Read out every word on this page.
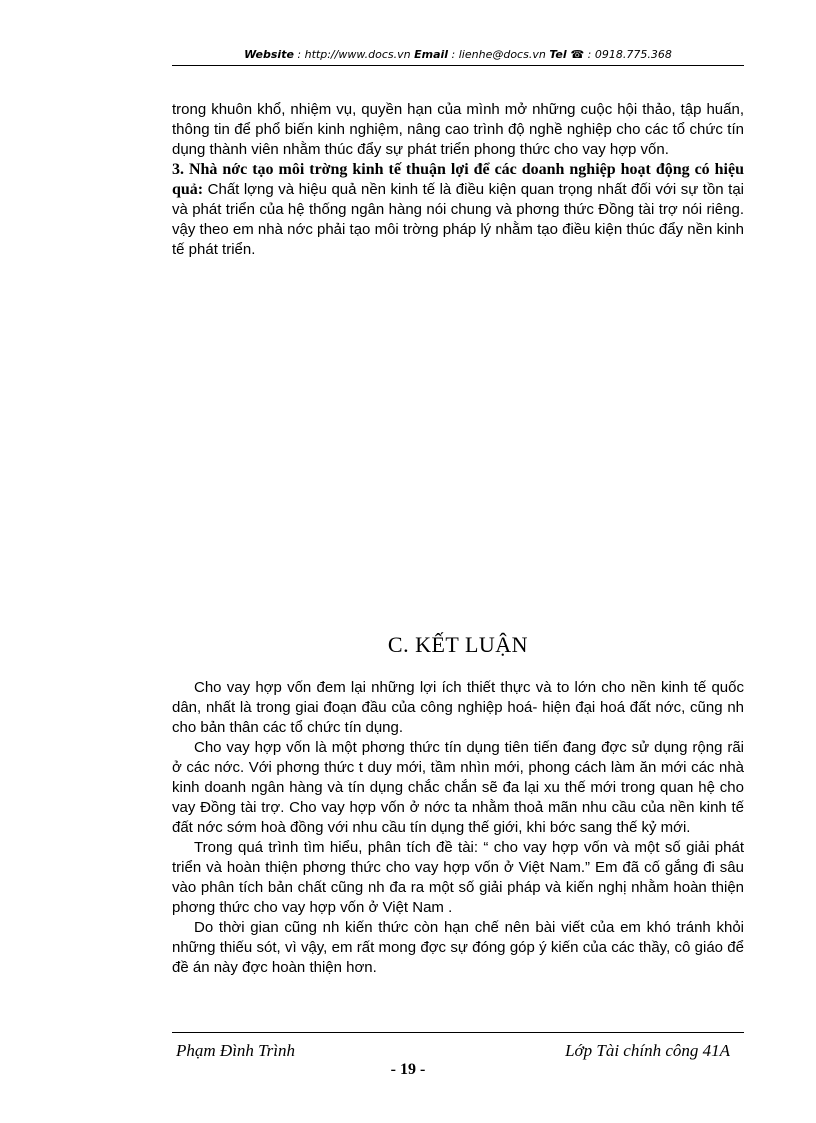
Website : http://www.docs.vn Email : lienhe@docs.vn Tel ☎ : 0918.775.368

trong khuôn khổ, nhiệm vụ, quyền hạn của mình mở những cuộc hội thảo, tập huấn, thông tin để phổ biến kinh nghiệm, nâng cao trình độ nghề nghiệp cho các tổ chức tín dụng thành viên nhằm thúc đẩy sự phát triển phong thức cho vay hợp vốn.

3. Nhà nớc tạo môi trờng kinh tế thuận lợi để các doanh nghiệp hoạt động có hiệu quả: Chất lợng và hiệu quả nền kinh tế là điều kiện quan trọng nhất đối với sự tồn tại và phát triển của hệ thống ngân hàng nói chung và phơng thức Đồng tài trợ nói riêng. vậy theo em nhà nớc phải tạo môi trờng pháp lý nhằm tạo điều kiện thúc đẩy nền kinh tế phát triển.

C. KẾT LUẬN

Cho vay hợp vốn đem lại những lợi ích thiết thực và to lớn cho nền kinh tế quốc dân, nhất là trong giai đoạn đầu của công nghiệp hoá- hiện đại hoá đất nớc, cũng nh cho bản thân các tổ chức tín dụng.

Cho vay hợp vốn là một phơng thức tín dụng tiên tiến đang đợc sử dụng rộng rãi ở các nớc. Với phơng thức t duy mới, tầm nhìn mới, phong cách làm ăn mới các nhà kinh doanh ngân hàng và tín dụng chắc chắn sẽ đa lại xu thế mới trong quan hệ cho vay Đồng tài trợ. Cho vay hợp vốn ở nớc ta nhằm thoả mãn nhu cầu của nền kinh tế đất nớc sớm hoà đồng với nhu cầu tín dụng thế giới, khi bớc sang thế kỷ mới.

Trong quá trình tìm hiểu, phân tích đề tài: “ cho vay hợp vốn và một số giải phát triển và hoàn thiện phơng thức cho vay hợp vốn ở Việt Nam.” Em đã cố gắng đi sâu vào phân tích bản chất cũng nh đa ra một số giải pháp và kiến nghị nhằm hoàn thiện phơng thức cho vay hợp vốn ở Việt Nam .

Do thời gian cũng nh kiến thức còn hạn chế nên bài viết của em khó tránh khỏi những thiếu sót, vì vậy, em rất mong đợc sự đóng góp ý kiến của các thầy, cô giáo để đề án này đợc hoàn thiện hơn.

Phạm Đình Trình	Lớp Tài chính công 41A
- 19 -
